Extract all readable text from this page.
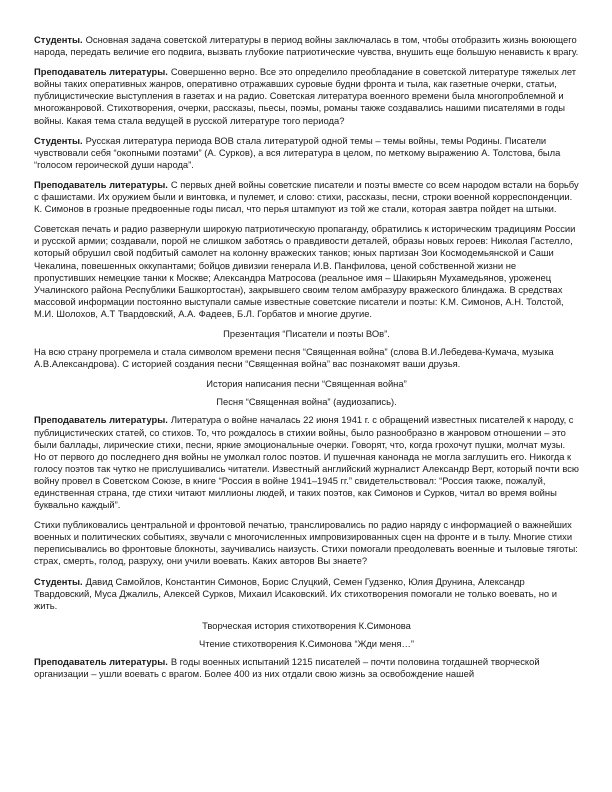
Студенты. Основная задача советской литературы в период войны заключалась в том, чтобы отобразить жизнь воюющего народа, передать величие его подвига, вызвать глубокие патриотические чувства, внушить еще большую ненависть к врагу.

Преподаватель литературы. Совершенно верно. Все это определило преобладание в советской литературе тяжелых лет войны таких оперативных жанров, оперативно отражавших суровые будни фронта и тыла, как газетные очерки, статьи, публицистические выступления в газетах и на радио. Советская литература военного времени была многопроблемной и многожанровой. Стихотворения, очерки, рассказы, пьесы, поэмы, романы также создавались нашими писателями в годы войны. Какая тема стала ведущей в русской литературе того периода?

Студенты. Русская литература периода ВОВ стала литературой одной темы – темы войны, темы Родины. Писатели чувствовали себя “окопными поэтами” (А. Сурков), а вся литература в целом, по меткому выражению А. Толстова, была “голосом героической души народа”.

Преподаватель литературы. С первых дней войны советские писатели и поэты вместе со всем народом встали на борьбу с фашистами. Их оружием были и винтовка, и пулемет, и слово: стихи, рассказы, песни, строки военной корреспонденции. К. Симонов в грозные предвоенные годы писал, что перья штампуют из той же стали, которая завтра пойдет на штыки.

Советская печать и радио развернули широкую патриотическую пропаганду, обратились к историческим традициям России и русской армии; создавали, порой не слишком заботясь о правдивости деталей, образы новых героев: Николая Гастелло, который обрушил свой подбитый самолет на колонну вражеских танков; юных партизан Зои Космодемьянской и Саши Чекалина, повешенных оккупантами; бойцов дивизии генерала И.В. Панфилова, ценой собственной жизни не пропустивших немецкие танки к Москве; Александра Матросова (реальное имя – Шакирьян Мухамедьянов, уроженец Учалинского района Республики Башкортостан), закрывшего своим телом амбразуру вражеского блиндажа. В средствах массовой информации постоянно выступали самые известные советские писатели и поэты: К.М. Симонов, А.Н. Толстой, М.И. Шолохов, А.Т Твардовский, А.А. Фадеев, Б.Л. Горбатов и многие другие.

Презентация “Писатели и поэты ВОв”.

На всю страну прогремела и стала символом времени песня “Священная война” (слова В.И.Лебедева-Кумача, музыка А.В.Александрова). С историей создания песни “Священная война” вас познакомят ваши друзья.

История написания песни “Священная война”

Песня “Священная война” (аудиозапись).

Преподаватель литературы. Литература о войне началась 22 июня 1941 г. с обращений известных писателей к народу, с публицистических статей, со стихов. То, что рождалось в стихии войны, было разнообразно в жанровом отношении – это были баллады, лирические стихи, песни, яркие эмоциональные очерки. Говорят, что, когда грохочут пушки, молчат музы. Но от первого до последнего дня войны не умолкал голос поэтов. И пушечная канонада не могла заглушить его. Никогда к голосу поэтов так чутко не прислушивались читатели. Известный английский журналист Александр Верт, который почти всю войну провел в Советском Союзе, в книге “Россия в войне 1941–1945 гг.” свидетельствовал: “Россия также, пожалуй, единственная страна, где стихи читают миллионы людей, и таких поэтов, как Симонов и Сурков, читал во время войны буквально каждый”.

Стихи публиковались центральной и фронтовой печатью, транслировались по радио наряду с информацией о важнейших военных и политических событиях, звучали с многочисленных импровизированных сцен на фронте и в тылу. Многие стихи переписывались во фронтовые блокноты, заучивались наизусть. Стихи помогали преодолевать военные и тыловые тяготы: страх, смерть, голод, разруху, они учили воевать. Каких авторов Вы знаете?

Студенты. Давид Самойлов, Константин Симонов, Борис Слуцкий, Семен Гудзенко, Юлия Друнина, Александр Твардовский, Муса Джалиль, Алексей Сурков, Михаил Исаковский. Их стихотворения помогали не только воевать, но и жить.

Творческая история стихотворения К.Симонова

Чтение стихотворения К.Симонова “Жди меня…”

Преподаватель литературы. В годы военных испытаний 1215 писателей – почти половина тогдашней творческой организации – ушли воевать с врагом. Более 400 из них отдали свою жизнь за освобождение нашей
